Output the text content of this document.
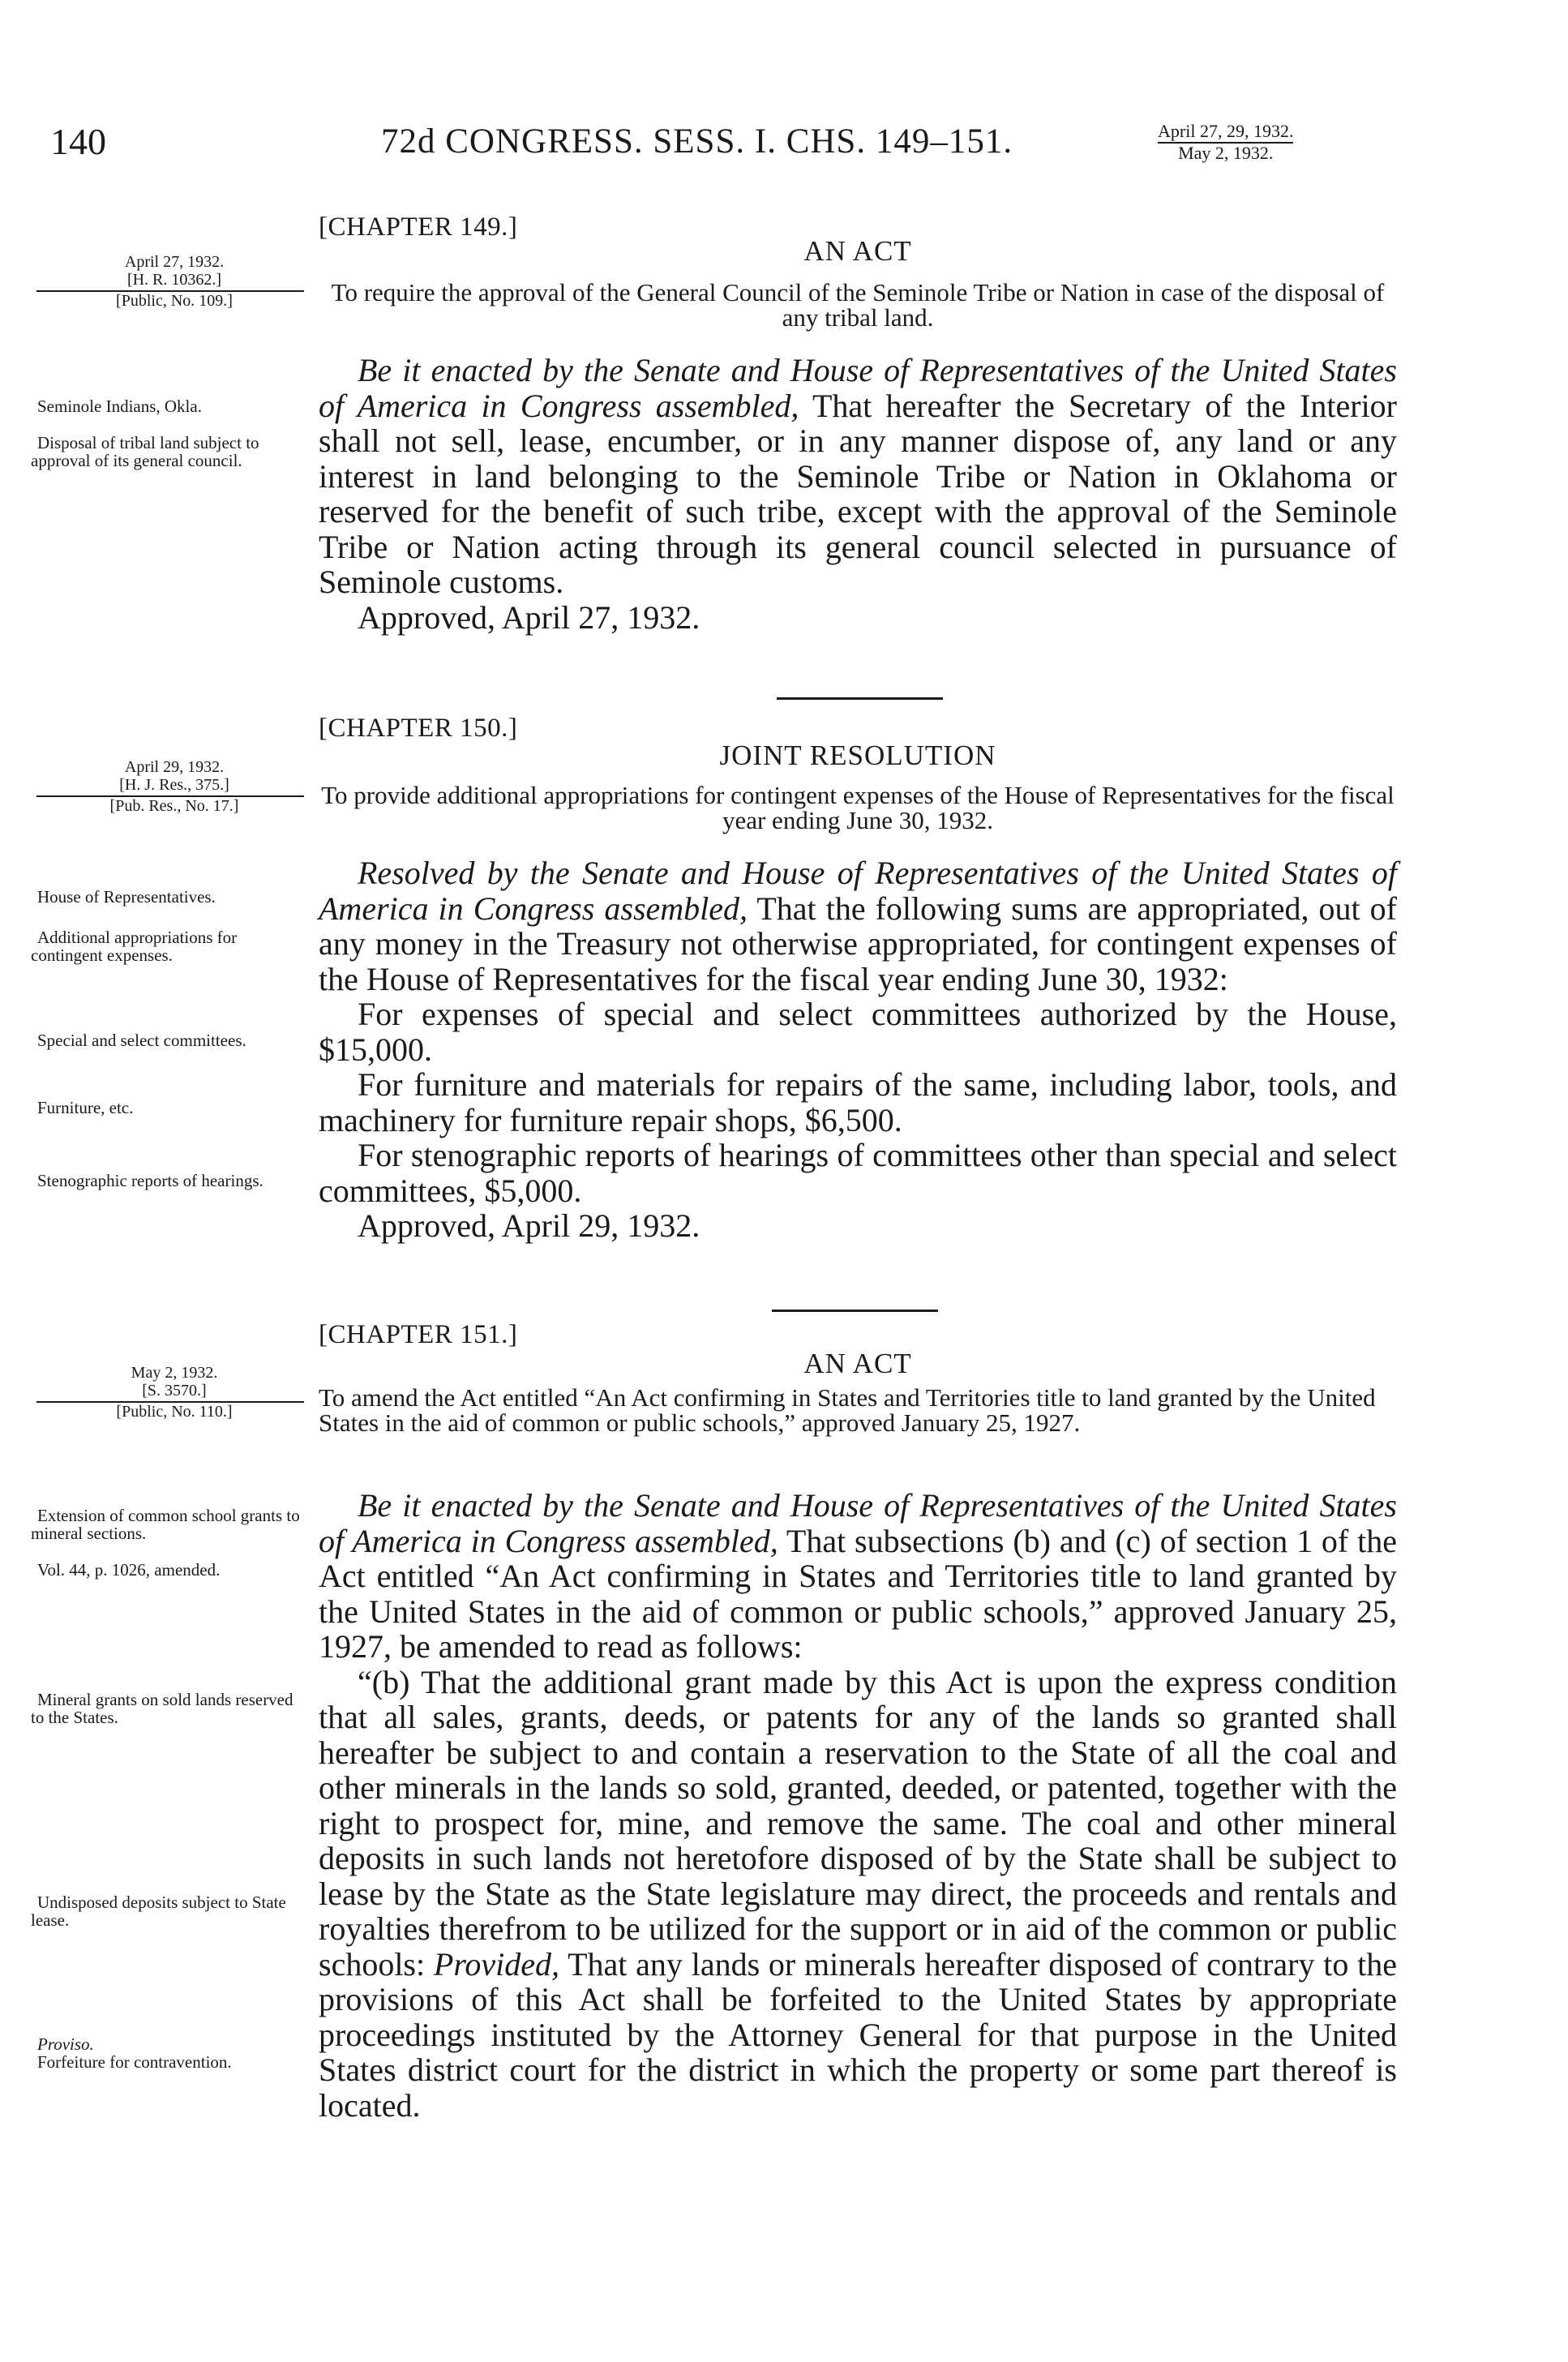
140	72d CONGRESS. SESS. I. CHS. 149–151.	April 27, 29, 1932.
May 2, 1932.
[CHAPTER 149.]
AN ACT
April 27, 1932.
[H. R. 10362.]
[Public, No. 109.]	To require the approval of the General Council of the Seminole Tribe or Nation in case of the disposal of any tribal land.

Be it enacted by the Senate and House of Representatives of the United States of America in Congress assembled, That hereafter the Secretary of the Interior shall not sell, lease, encumber, or in any manner dispose of, any land or any interest in land belonging to the Seminole Tribe or Nation in Oklahoma or reserved for the benefit of such tribe, except with the approval of the Seminole Tribe or Nation acting through its general council selected in pursuance of Seminole customs.

Approved, April 27, 1932.

Seminole Indians, Okla.
Disposal of tribal land subject to approval of its general council.
[CHAPTER 150.]
JOINT RESOLUTION
April 29, 1932.
[H. J. Res., 375.]
[Pub. Res., No. 17.]	To provide additional appropriations for contingent expenses of the House of Representatives for the fiscal year ending June 30, 1932.

Resolved by the Senate and House of Representatives of the United States of America in Congress assembled, That the following sums are appropriated, out of any money in the Treasury not otherwise appropriated, for contingent expenses of the House of Representatives for the fiscal year ending June 30, 1932:

For expenses of special and select committees authorized by the House, $15,000.

For furniture and materials for repairs of the same, including labor, tools, and machinery for furniture repair shops, $6,500.

For stenographic reports of hearings of committees other than special and select committees, $5,000.

Approved, April 29, 1932.

House of Representatives.
Additional appropriations for contingent expenses.
Special and select committees.
Furniture, etc.
Stenographic reports of hearings.
[CHAPTER 151.]
AN ACT
May 2, 1932.
[S. 3570.]
[Public, No. 110.]	To amend the Act entitled “An Act confirming in States and Territories title to land granted by the United States in the aid of common or public schools,” approved January 25, 1927.

Be it enacted by the Senate and House of Representatives of the United States of America in Congress assembled, That subsections (b) and (c) of section 1 of the Act entitled “An Act confirming in States and Territories title to land granted by the United States in the aid of common or public schools,” approved January 25, 1927, be amended to read as follows:

“(b) That the additional grant made by this Act is upon the express condition that all sales, grants, deeds, or patents for any of the lands so granted shall hereafter be subject to and contain a reservation to the State of all the coal and other minerals in the lands so sold, granted, deeded, or patented, together with the right to prospect for, mine, and remove the same. The coal and other mineral deposits in such lands not heretofore disposed of by the State shall be subject to lease by the State as the State legislature may direct, the proceeds and rentals and royalties therefrom to be utilized for the support or in aid of the common or public schools: Provided, That any lands or minerals hereafter disposed of contrary to the provisions of this Act shall be forfeited to the United States by appropriate proceedings instituted by the Attorney General for that purpose in the United States district court for the district in which the property or some part thereof is located.

Extension of common school grants to mineral sections.
Vol. 44, p. 1026, amended.
Mineral grants on sold lands reserved to the States.
Undisposed deposits subject to State lease.
Proviso.
Forfeiture for contravention.
